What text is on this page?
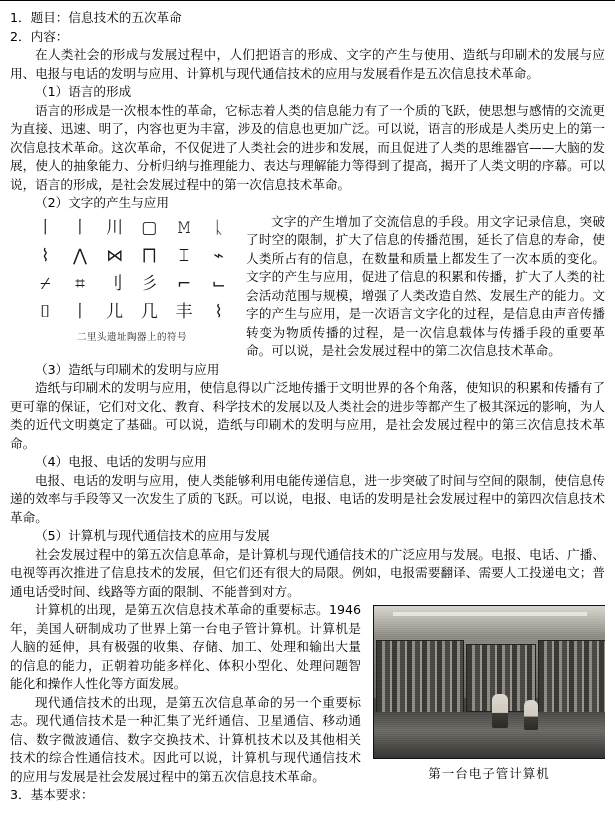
1．题目：信息技术的五次革命

2．内容：

在人类社会的形成与发展过程中，人们把语言的形成、文字的产生与使用、造纸与印刷术的发展与应用、电报与电话的发明与应用、计算机与现代通信技术的应用与发展看作是五次信息技术革命。

（1）语言的形成

语言的形成是一次根本性的革命，它标志着人类的信息能力有了一个质的飞跃，使思想与感情的交流更为直接、迅速、明了，内容也更为丰富，涉及的信息也更加广泛。可以说，语言的形成是人类历史上的第一次信息技术革命。这次革命，不仅促进了人类社会的进步和发展，而且促进了人类的思维器官——大脑的发展，使人的抽象能力、分析归纳与推理能力、表达与理解能力等得到了提高，揭开了人类文明的序幕。可以说，语言的形成，是社会发展过程中的第一次信息技术革命。

（2）文字的产生与应用

丨 丨 川 ▢ 𝙼 ᚳ
⌇ ⋀ ⋈ ⨅ ⌶ ⌁
⌿ ⌗ ⺉ 彡 ⌐ ⌙
⌷ 丨 儿 几 丰 ⌇
二里头遗址陶器上的符号

文字的产生增加了交流信息的手段。用文字记录信息，突破了时空的限制，扩大了信息的传播范围，延长了信息的寿命，使人类所占有的信息，在数量和质量上都发生了一次本质的变化。文字的产生与应用，促进了信息的积累和传播，扩大了人类的社会活动范围与规模，增强了人类改造自然、发展生产的能力。文字的产生与应用，是一次语言文字化的过程，是信息由声音传播转变为物质传播的过程，是一次信息载体与传播手段的重要革命。可以说，是社会发展过程中的第二次信息技术革命。

（3）造纸与印刷术的发明与应用

造纸与印刷术的发明与应用，使信息得以广泛地传播于文明世界的各个角落，使知识的积累和传播有了更可靠的保证，它们对文化、教育、科学技术的发展以及人类社会的进步等都产生了极其深远的影响，为人类的近代文明奠定了基础。可以说，造纸与印刷术的发明与应用，是社会发展过程中的第三次信息技术革命。

（4）电报、电话的发明与应用

电报、电话的发明与应用，使人类能够利用电能传递信息，进一步突破了时间与空间的限制，使信息传递的效率与手段等又一次发生了质的飞跃。可以说，电报、电话的发明是社会发展过程中的第四次信息技术革命。

（5）计算机与现代通信技术的应用与发展

社会发展过程中的第五次信息革命，是计算机与现代通信技术的广泛应用与发展。电报、电话、广播、电视等再次推进了信息技术的发展，但它们还有很大的局限。例如，电报需要翻译、需要人工投递电文；普通电话受时间、线路等方面的限制、不能普到对方。

第一台电子管计算机

计算机的出现，是第五次信息技术革命的重要标志。1946年，美国人研制成功了世界上第一台电子管计算机。计算机是人脑的延伸，具有极强的收集、存储、加工、处理和输出大量的信息的能力，正朝着功能多样化、体积小型化、处理问题智能化和操作人性化等方面发展。

现代通信技术的出现，是第五次信息革命的另一个重要标志。现代通信技术是一种汇集了光纤通信、卫星通信、移动通信、数字微波通信、数字交换技术、计算机技术以及其他相关技术的综合性通信技术。因此可以说，计算机与现代通信技术的应用与发展是社会发展过程中的第五次信息技术革命。

3．基本要求：
